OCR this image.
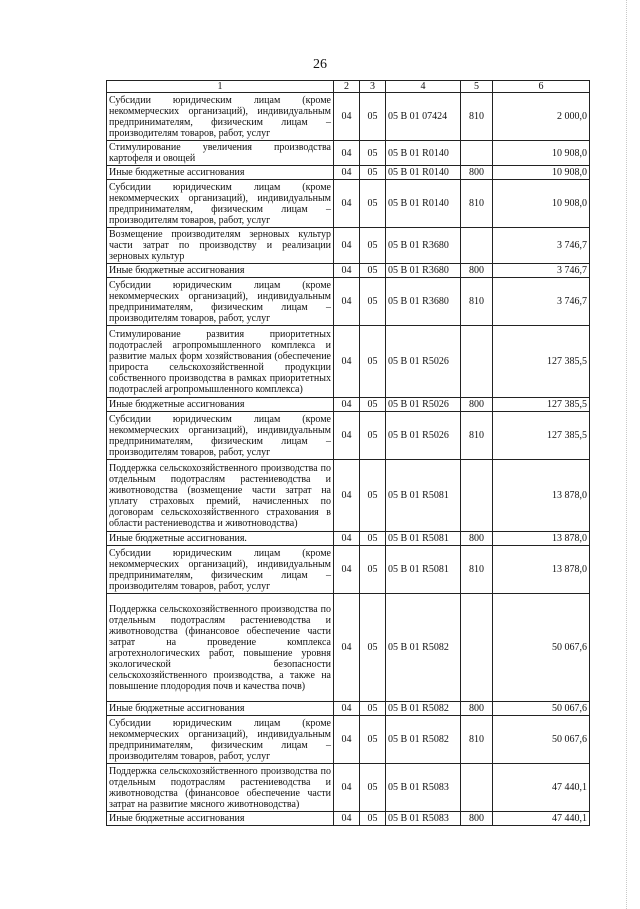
26
1	2	3	4	5	6
Субсидии юридическим лицам (кроме некоммерческих организаций), индивидуальным предпринимателям, физическим лицам – производителям товаров, работ, услуг	04	05	05 В 01 07424	810	2 000,0
Стимулирование увеличения производства картофеля и овощей	04	05	05 В 01 R0140		10 908,0
Иные бюджетные ассигнования	04	05	05 В 01 R0140	800	10 908,0
Субсидии юридическим лицам (кроме некоммерческих организаций), индивидуальным предпринимателям, физическим лицам – производителям товаров, работ, услуг	04	05	05 В 01 R0140	810	10 908,0
Возмещение производителям зерновых культур части затрат по производству и реализации зерновых культур	04	05	05 В 01 R3680		3 746,7
Иные бюджетные ассигнования	04	05	05 В 01 R3680	800	3 746,7
Субсидии юридическим лицам (кроме некоммерческих организаций), индивидуальным предпринимателям, физическим лицам – производителям товаров, работ, услуг	04	05	05 В 01 R3680	810	3 746,7
Стимулирование развития приоритетных подотраслей агропромышленного комплекса и развитие малых форм хозяйствования (обеспечение прироста сельскохозяйственной продукции собственного производства в рамках приоритетных подотраслей агропромышленного комплекса)	04	05	05 В 01 R5026		127 385,5
Иные бюджетные ассигнования	04	05	05 В 01 R5026	800	127 385,5
Субсидии юридическим лицам (кроме некоммерческих организаций), индивидуальным предпринимателям, физическим лицам – производителям товаров, работ, услуг	04	05	05 В 01 R5026	810	127 385,5
Поддержка сельскохозяйственного производства по отдельным подотраслям растениеводства и животноводства (возмещение части затрат на уплату страховых премий, начисленных по договорам сельскохозяйственного страхования в области растениеводства и животноводства)	04	05	05 В 01 R5081		13 878,0
Иные бюджетные ассигнования.	04	05	05 В 01 R5081	800	13 878,0
Субсидии юридическим лицам (кроме некоммерческих организаций), индивидуальным предпринимателям, физическим лицам – производителям товаров, работ, услуг	04	05	05 В 01 R5081	810	13 878,0
Поддержка сельскохозяйственного производства по отдельным подотраслям растениеводства и животноводства (финансовое обеспечение части затрат на проведение комплекса агротехнологических работ, повышение уровня экологической безопасности сельскохозяйственного производства, а также на повышение плодородия почв и качества почв)	04	05	05 В 01 R5082		50 067,6
Иные бюджетные ассигнования	04	05	05 В 01 R5082	800	50 067,6
Субсидии юридическим лицам (кроме некоммерческих организаций), индивидуальным предпринимателям, физическим лицам – производителям товаров, работ, услуг	04	05	05 В 01 R5082	810	50 067,6
Поддержка сельскохозяйственного производства по отдельным подотраслям растениеводства и животноводства (финансовое обеспечение части затрат на развитие мясного животноводства)	04	05	05 В 01 R5083		47 440,1
Иные бюджетные ассигнования	04	05	05 В 01 R5083	800	47 440,1
